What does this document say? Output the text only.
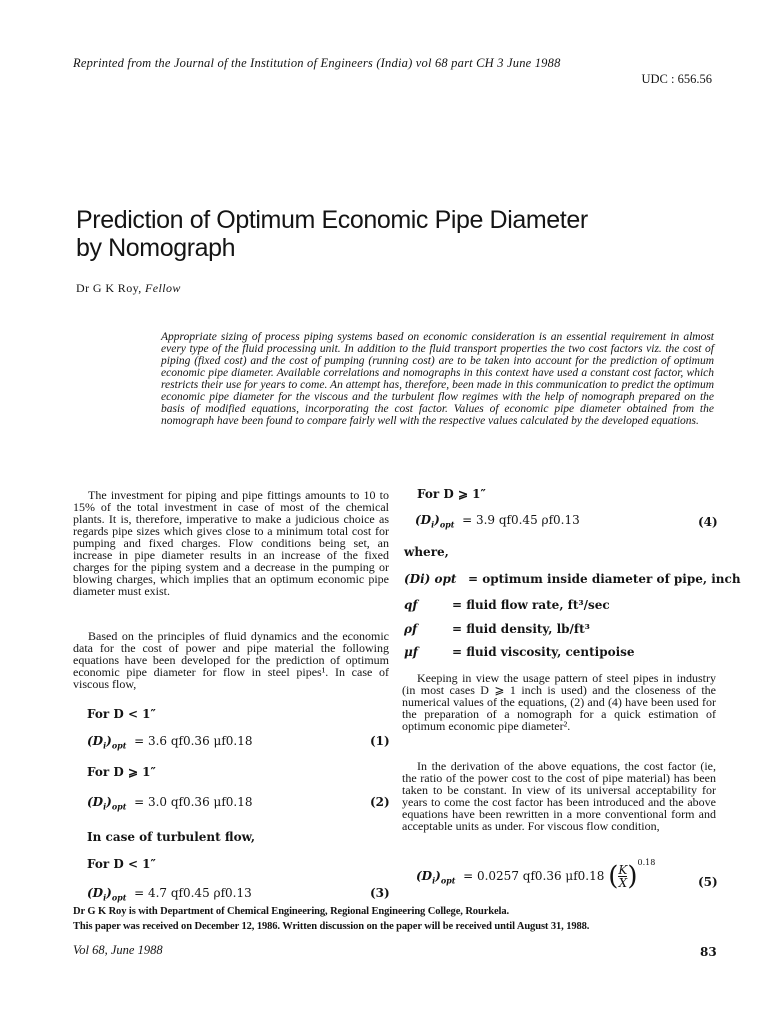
Reprinted from the Journal of the Institution of Engineers (India) vol 68 part CH 3 June 1988
UDC : 656.56
Prediction of Optimum Economic Pipe Diameter
by Nomograph
Dr G K Roy, Fellow
Appropriate sizing of process piping systems based on economic consideration is an essential requirement in almost every type of the fluid processing unit. In addition to the fluid transport properties the two cost factors viz. the cost of piping (fixed cost) and the cost of pumping (running cost) are to be taken into account for the prediction of optimum economic pipe diameter. Available correlations and nomographs in this context have used a constant cost factor, which restricts their use for years to come. An attempt has, therefore, been made in this communication to predict the optimum economic pipe diameter for the viscous and the turbulent flow regimes with the help of nomograph prepared on the basis of modified equations, incorporating the cost factor. Values of economic pipe diameter obtained from the nomograph have been found to compare fairly well with the respective values calculated by the developed equations.
The investment for piping and pipe fittings amounts to 10 to 15% of the total investment in case of most of the chemical plants. It is, therefore, imperative to make a judicious choice as regards pipe sizes which gives close to a minimum total cost for pumping and fixed charges. Flow conditions being set, an increase in pipe diameter results in an increase of the fixed charges for the piping system and a decrease in the pumping or blowing charges, which implies that an optimum economic pipe diameter must exist.
Based on the principles of fluid dynamics and the economic data for the cost of power and pipe material the following equations have been developed for the prediction of optimum economic pipe diameter for flow in steel pipes¹. In case of viscous flow,
For D < 1″
$(D_i)_{opt} = 3.6$ qf0.36 μf0.18	(1)
For D ⩾ 1″
$(D_i)_{opt} = 3.0$ qf0.36 μf0.18	(2)
In case of turbulent flow,
For D < 1″
$(D_i)_{opt} = 4.7$ qf0.45 ρf0.13	(3)
For D ⩾ 1″
$(D_i)_{opt} = 3.9$ qf0.45 ρf0.13	(4)
where,
(Di) opt = optimum inside diameter of pipe, inch
qf	= fluid flow rate, ft³/sec
ρf	= fluid density, lb/ft³
μf	= fluid viscosity, centipoise
Keeping in view the usage pattern of steel pipes in industry (in most cases D ⩾ 1 inch is used) and the closeness of the numerical values of the equations, (2) and (4) have been used for the preparation of a nomograph for a quick estimation of optimum economic pipe diameter².
In the derivation of the above equations, the cost factor (ie, the ratio of the power cost to the cost of pipe material) has been taken to be constant. In view of its universal acceptability for years to come the cost factor has been introduced and the above equations have been rewritten in a more conventional form and acceptable units as under. For viscous flow condition,
$(D_i)_{opt} = 0.0257$ qf0.36 μf0.18 ( $\frac{K}{X} )^{0.18}$
(5)
Dr G K Roy is with Department of Chemical Engineering, Regional Engineering College, Rourkela.
This paper was received on December 12, 1986. Written discussion on the paper will be received until August 31, 1988.
Vol 68, June 1988	83
